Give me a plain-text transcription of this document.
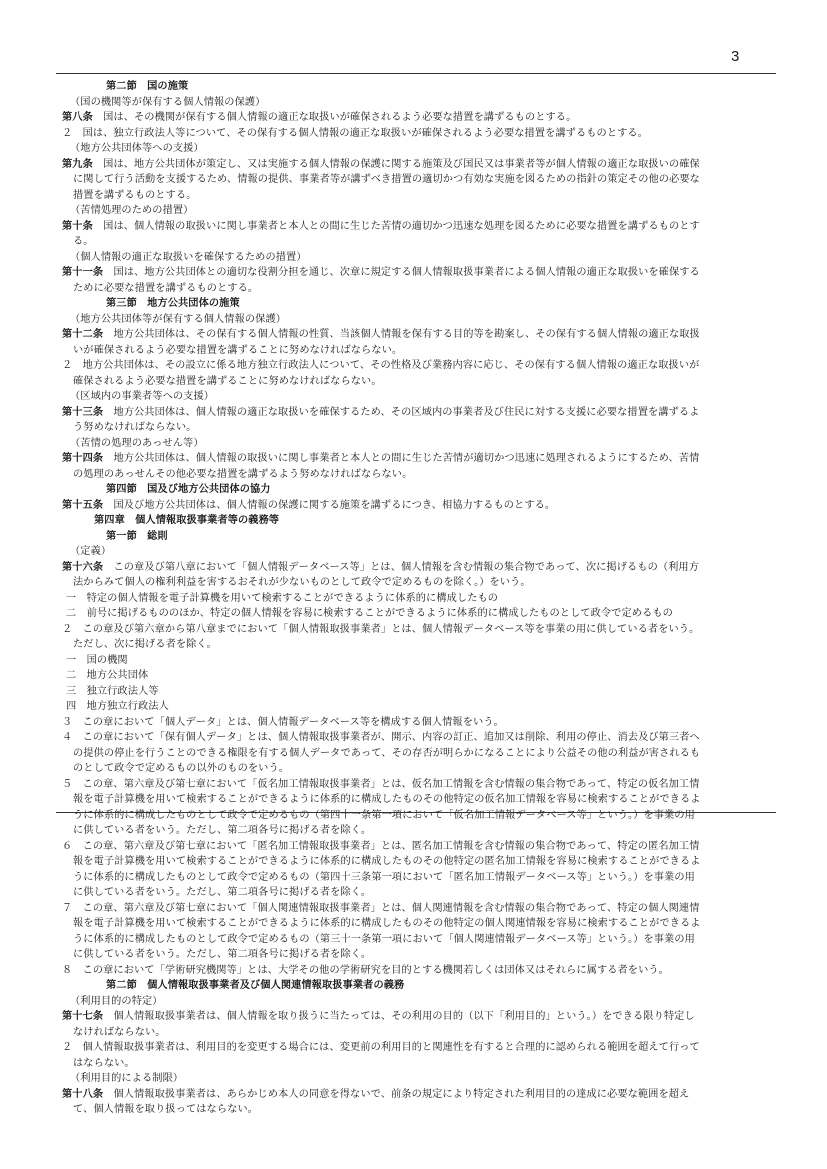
3
第二節　国の施策
（国の機関等が保有する個人情報の保護）
第八条　国は、その機関が保有する個人情報の適正な取扱いが確保されるよう必要な措置を講ずるものとする。
２　国は、独立行政法人等について、その保有する個人情報の適正な取扱いが確保されるよう必要な措置を講ずるものとする。
（地方公共団体等への支援）
第九条　国は、地方公共団体が策定し、又は実施する個人情報の保護に関する施策及び国民又は事業者等が個人情報の適正な取扱いの確保
に関して行う活動を支援するため、情報の提供、事業者等が講ずべき措置の適切かつ有効な実施を図るための指針の策定その他の必要な
措置を講ずるものとする。
（苦情処理のための措置）
第十条　国は、個人情報の取扱いに関し事業者と本人との間に生じた苦情の適切かつ迅速な処理を図るために必要な措置を講ずるものとす
る。
（個人情報の適正な取扱いを確保するための措置）
第十一条　国は、地方公共団体との適切な役割分担を通じ、次章に規定する個人情報取扱事業者による個人情報の適正な取扱いを確保する
ために必要な措置を講ずるものとする。
第三節　地方公共団体の施策
（地方公共団体等が保有する個人情報の保護）
第十二条　地方公共団体は、その保有する個人情報の性質、当該個人情報を保有する目的等を勘案し、その保有する個人情報の適正な取扱
いが確保されるよう必要な措置を講ずることに努めなければならない。
２　地方公共団体は、その設立に係る地方独立行政法人について、その性格及び業務内容に応じ、その保有する個人情報の適正な取扱いが
確保されるよう必要な措置を講ずることに努めなければならない。
（区域内の事業者等への支援）
第十三条　地方公共団体は、個人情報の適正な取扱いを確保するため、その区域内の事業者及び住民に対する支援に必要な措置を講ずるよ
う努めなければならない。
（苦情の処理のあっせん等）
第十四条　地方公共団体は、個人情報の取扱いに関し事業者と本人との間に生じた苦情が適切かつ迅速に処理されるようにするため、苦情
の処理のあっせんその他必要な措置を講ずるよう努めなければならない。
第四節　国及び地方公共団体の協力
第十五条　国及び地方公共団体は、個人情報の保護に関する施策を講ずるにつき、相協力するものとする。
第四章　個人情報取扱事業者等の義務等
第一節　総則
（定義）
第十六条　この章及び第八章において「個人情報データベース等」とは、個人情報を含む情報の集合物であって、次に掲げるもの（利用方
法からみて個人の権利利益を害するおそれが少ないものとして政令で定めるものを除く。）をいう。
一　特定の個人情報を電子計算機を用いて検索することができるように体系的に構成したもの
二　前号に掲げるもののほか、特定の個人情報を容易に検索することができるように体系的に構成したものとして政令で定めるもの
２　この章及び第六章から第八章までにおいて「個人情報取扱事業者」とは、個人情報データベース等を事業の用に供している者をいう。
ただし、次に掲げる者を除く。
一　国の機関
二　地方公共団体
三　独立行政法人等
四　地方独立行政法人
３　この章において「個人データ」とは、個人情報データベース等を構成する個人情報をいう。
４　この章において「保有個人データ」とは、個人情報取扱事業者が、開示、内容の訂正、追加又は削除、利用の停止、消去及び第三者へ
の提供の停止を行うことのできる権限を有する個人データであって、その存否が明らかになることにより公益その他の利益が害されるも
のとして政令で定めるもの以外のものをいう。
５　この章、第六章及び第七章において「仮名加工情報取扱事業者」とは、仮名加工情報を含む情報の集合物であって、特定の仮名加工情
報を電子計算機を用いて検索することができるように体系的に構成したものその他特定の仮名加工情報を容易に検索することができるよ
うに体系的に構成したものとして政令で定めるもの（第四十一条第一項において「仮名加工情報データベース等」という。）を事業の用
に供している者をいう。ただし、第二項各号に掲げる者を除く。
６　この章、第六章及び第七章において「匿名加工情報取扱事業者」とは、匿名加工情報を含む情報の集合物であって、特定の匿名加工情
報を電子計算機を用いて検索することができるように体系的に構成したものその他特定の匿名加工情報を容易に検索することができるよ
うに体系的に構成したものとして政令で定めるもの（第四十三条第一項において「匿名加工情報データベース等」という。）を事業の用
に供している者をいう。ただし、第二項各号に掲げる者を除く。
７　この章、第六章及び第七章において「個人関連情報取扱事業者」とは、個人関連情報を含む情報の集合物であって、特定の個人関連情
報を電子計算機を用いて検索することができるように体系的に構成したものその他特定の個人関連情報を容易に検索することができるよ
うに体系的に構成したものとして政令で定めるもの（第三十一条第一項において「個人関連情報データベース等」という。）を事業の用
に供している者をいう。ただし、第二項各号に掲げる者を除く。
８　この章において「学術研究機関等」とは、大学その他の学術研究を目的とする機関若しくは団体又はそれらに属する者をいう。
第二節　個人情報取扱事業者及び個人関連情報取扱事業者の義務
（利用目的の特定）
第十七条　個人情報取扱事業者は、個人情報を取り扱うに当たっては、その利用の目的（以下「利用目的」という。）をできる限り特定し
なければならない。
２　個人情報取扱事業者は、利用目的を変更する場合には、変更前の利用目的と関連性を有すると合理的に認められる範囲を超えて行って
はならない。
（利用目的による制限）
第十八条　個人情報取扱事業者は、あらかじめ本人の同意を得ないで、前条の規定により特定された利用目的の達成に必要な範囲を超え
て、個人情報を取り扱ってはならない。
